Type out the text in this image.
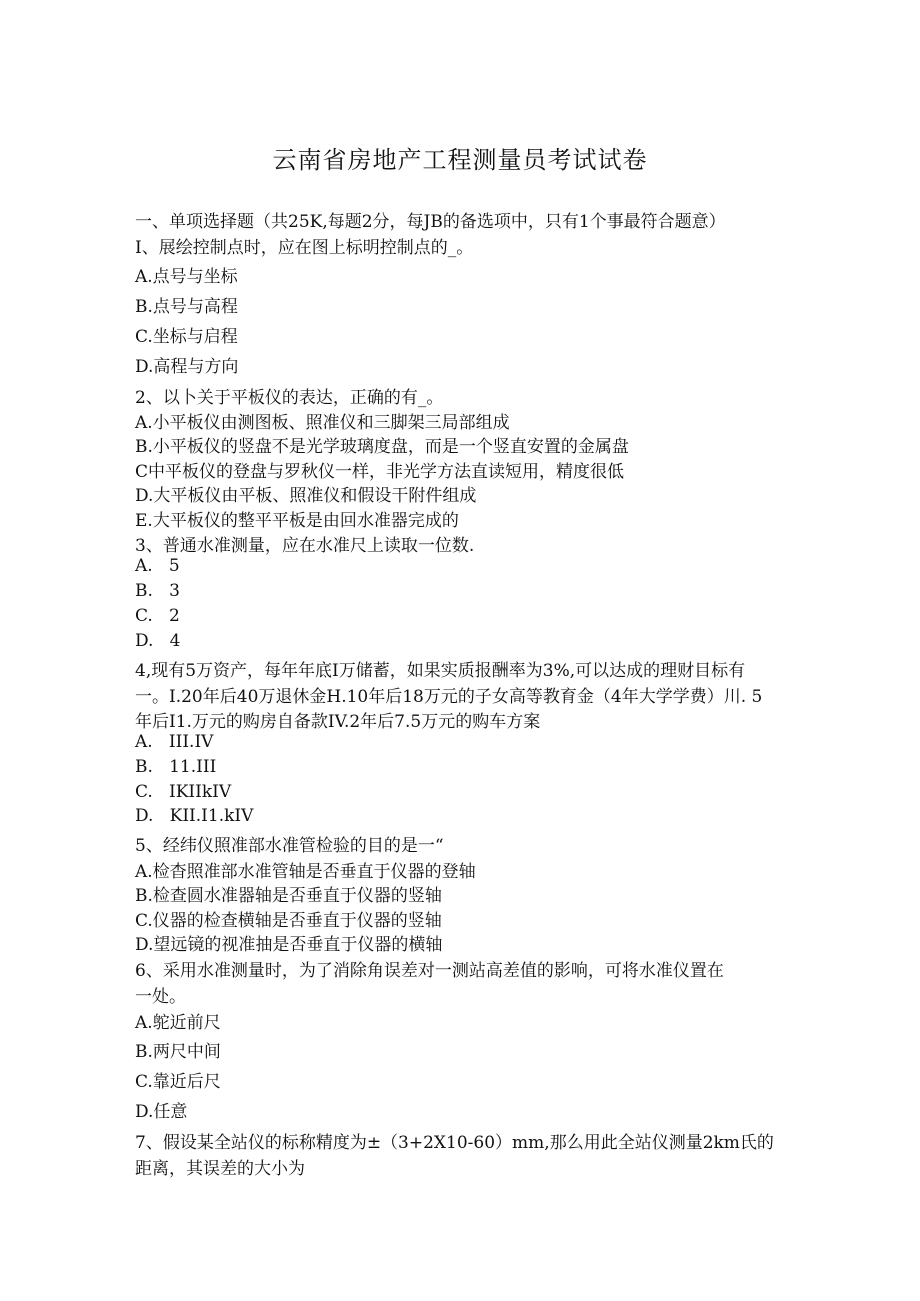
云南省房地产工程测量员考试试卷
一、单项选择题（共25K,每题2分，每JB的备选项中，只有1个事最符合题意）
I、展绘控制点时，应在图上标明控制点的_。
A.点号与坐标
B.点号与高程
C.坐标与启程
D.高程与方向
2、以卜关于平板仪的表达，正确的有_。
A.小平板仪由测图板、照准仪和三脚架三局部组成
B.小平板仪的竖盘不是光学玻璃度盘，而是一个竖直安置的金属盘
C中平板仪的登盘与罗秋仪一样，非光学方法直读短用，精度很低
D.大平板仪由平板、照准仪和假设干附件组成
E.大平板仪的整平平板是由回水准器完成的
3、普通水准测量，应在水准尺上读取一位数.
A.   5
B.   3
C.   2
D.   4
4,现有5万资产，每年年底I万储蓄，如果实质报酬率为3%,可以达成的理财目标有
一。I.20年后40万退休金H.10年后18万元的子女高等教育金（4年大学学费）川. 5
年后I1.万元的购房自备款IV.2年后7.5万元的购车方案
A.   III.IV
B.   11.III
C.   IKIIkIV
D.   KII.I1.kIV
5、经纬仪照准部水准管检验的目的是一“
A.检杳照准部水准管轴是否垂直于仪器的登轴
B.检查圆水准器轴是否垂直于仪器的竖轴
C.仪器的检查横轴是否垂直于仪器的竖轴
D.望远镜的视准抽是否垂直于仪器的横轴
6、采用水准测量时，为了消除角误差对一测站高差值的影响，可将水准仪置在
一处。
A.鸵近前尺
B.两尺中间
C.靠近后尺
D.任意
7、假设某全站仪的标称精度为±（3+2X10-60）mm,那么用此全站仪测量2km氏的
距离，其误差的大小为
